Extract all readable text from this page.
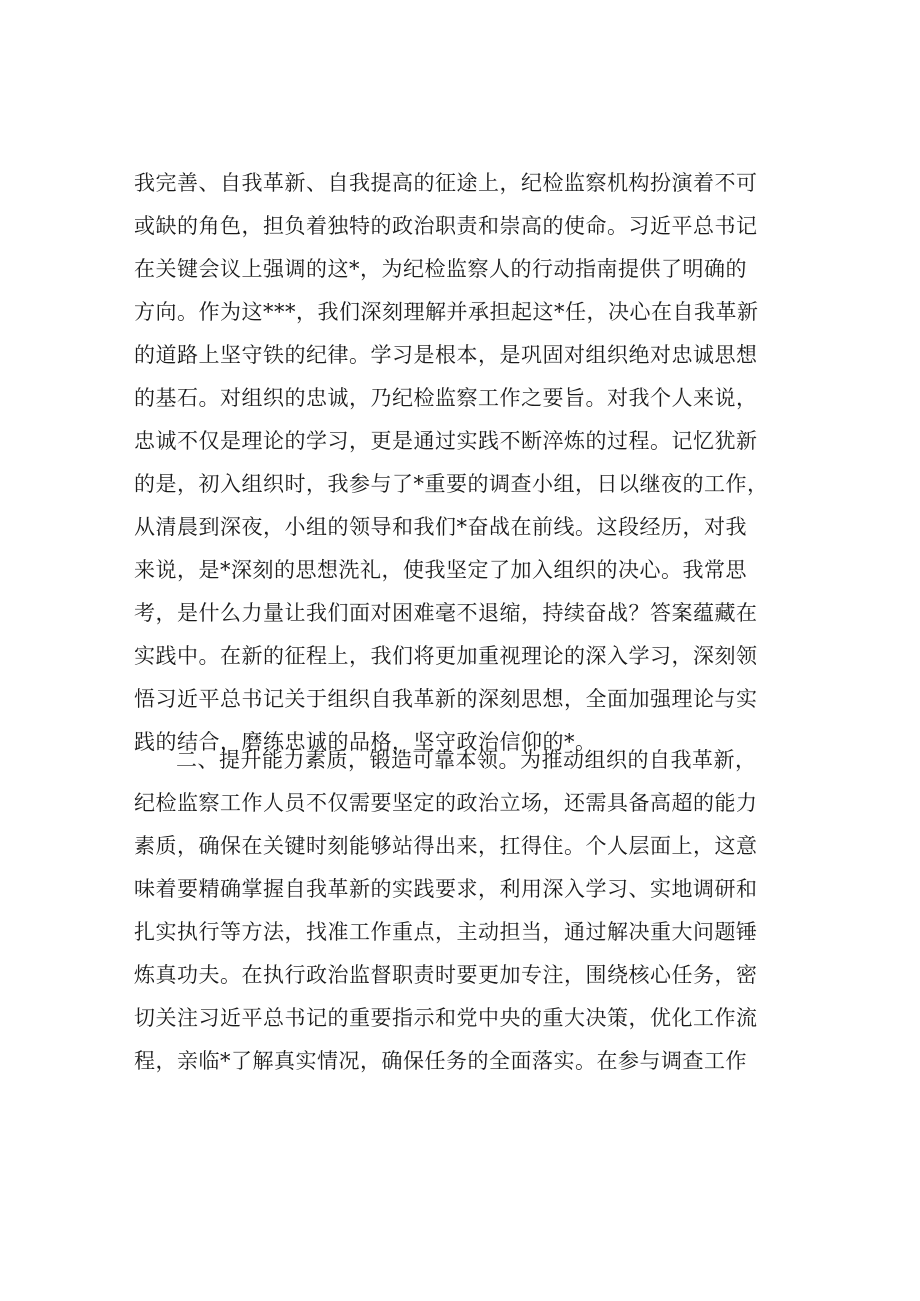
我完善、自我革新、自我提高的征途上，纪检监察机构扮演着不可
或缺的角色，担负着独特的政治职责和崇高的使命。习近平总书记
在关键会议上强调的这*，为纪检监察人的行动指南提供了明确的
方向。作为这***，我们深刻理解并承担起这*任，决心在自我革新
的道路上坚守铁的纪律。学习是根本，是巩固对组织绝对忠诚思想
的基石。对组织的忠诚，乃纪检监察工作之要旨。对我个人来说，
忠诚不仅是理论的学习，更是通过实践不断淬炼的过程。记忆犹新
的是，初入组织时，我参与了*重要的调查小组，日以继夜的工作，
从清晨到深夜，小组的领导和我们*奋战在前线。这段经历，对我
来说，是*深刻的思想洗礼，使我坚定了加入组织的决心。我常思
考，是什么力量让我们面对困难毫不退缩，持续奋战？答案蕴藏在
实践中。在新的征程上，我们将更加重视理论的深入学习，深刻领
悟习近平总书记关于组织自我革新的深刻思想，全面加强理论与实
践的结合，磨练忠诚的品格，坚守政治信仰的*。
二、提升能力素质，锻造可靠本领。为推动组织的自我革新，
纪检监察工作人员不仅需要坚定的政治立场，还需具备高超的能力
素质，确保在关键时刻能够站得出来，扛得住。个人层面上，这意
味着要精确掌握自我革新的实践要求，利用深入学习、实地调研和
扎实执行等方法，找准工作重点，主动担当，通过解决重大问题锤
炼真功夫。在执行政治监督职责时要更加专注，围绕核心任务，密
切关注习近平总书记的重要指示和党中央的重大决策，优化工作流
程，亲临*了解真实情况，确保任务的全面落实。在参与调查工作
